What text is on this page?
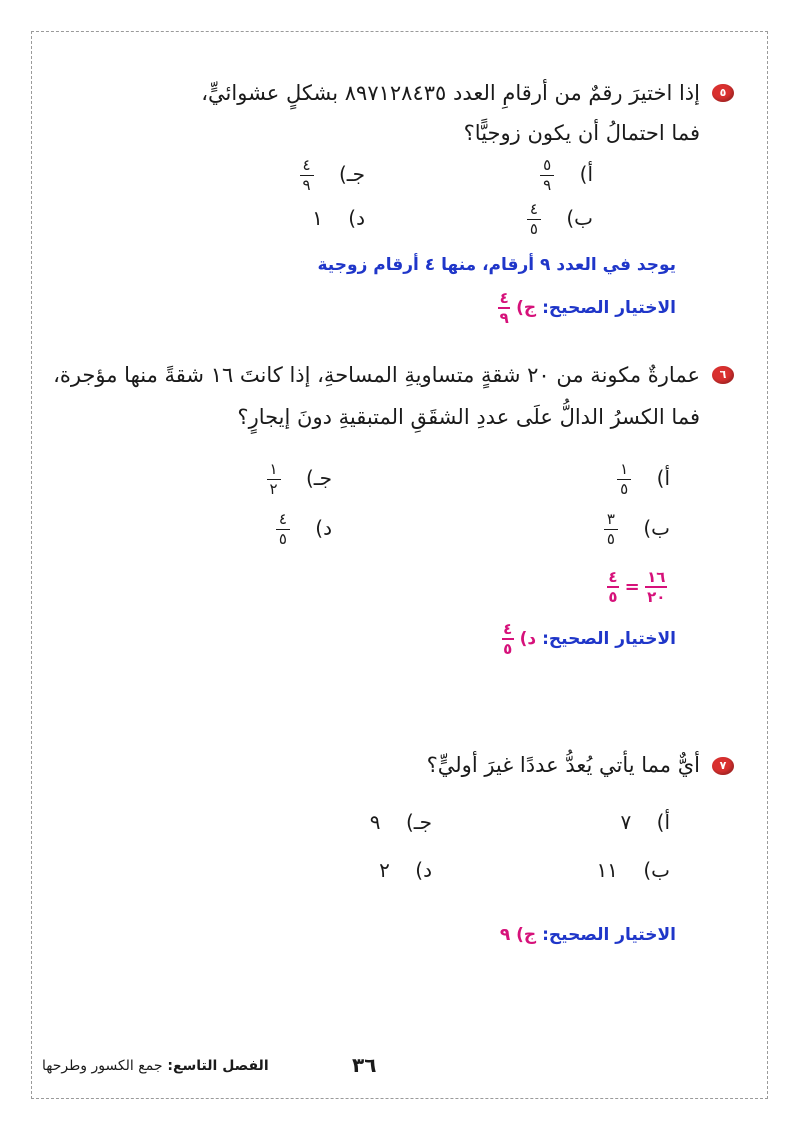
٥
إذا اختيرَ رقمٌ من أرقامِ العدد ٨٩٧١٢٨٤٣٥ بشكلٍ عشوائيٍّ،
فما احتمالُ أن يكون زوجيًّا؟
أ)
$\frac{٥}{٩}$
جـ)
$\frac{٤}{٩}$
ب)
$\frac{٤}{٥}$
د)    ١
يوجد في العدد ٩ أرقام، منها ٤ أرقام زوجية
الاختيار الصحيح: ج)
٤
٩
٦
عمارةٌ مكونة من ٢٠ شقةٍ متساويةِ المساحةِ، إذا كانتَ ١٦ شقةً منها مؤجرة،
فما الكسرُ الدالُّ علَى عددِ الشقَقِ المتبقيةِ دونَ إيجارٍ؟
أ)
$\frac{١}{٥}$
جـ)
$\frac{١}{٢}$
ب)
$\frac{٣}{٥}$
د)
$\frac{٤}{٥}$
٤
٥ = ١٦
٢٠
الاختيار الصحيح: د)
٤
٥
٧
أيٌّ مما يأتي يُعدُّ عددًا غيرَ أوليٍّ؟
أ)    ٧
جـ)    ٩
ب)    ١١
د)    ٢
الاختيار الصحيح: ج) ٩
٣٦
الفصل التاسع: جمع الكسور وطرحها
